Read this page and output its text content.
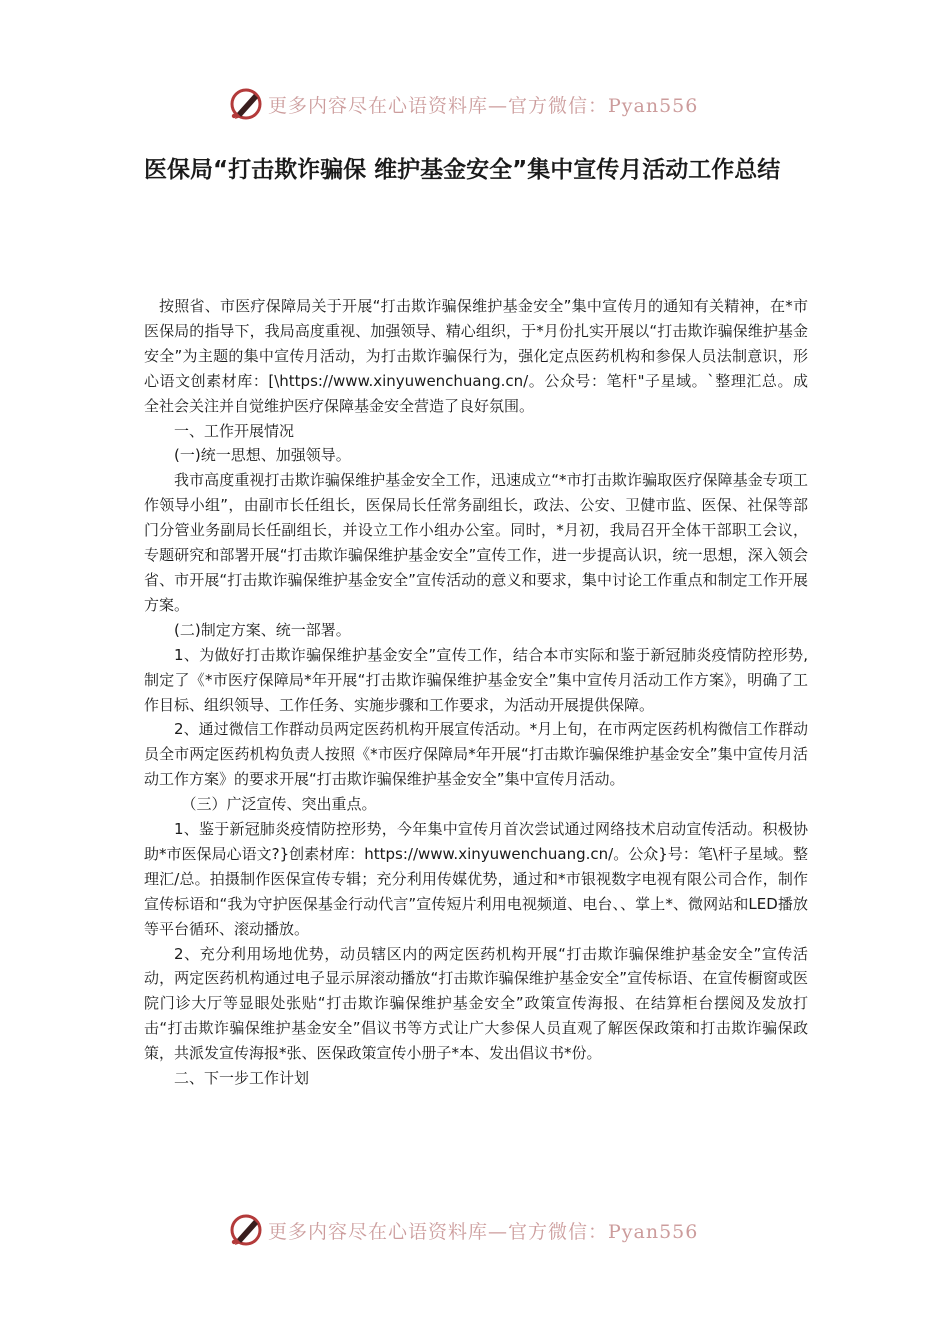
更多内容尽在心语资料库—官方微信：Pyan556
医保局“打击欺诈骗保 维护基金安全”集中宣传月活动工作总结

按照省、市医疗保障局关于开展“打击欺诈骗保维护基金安全”集中宣传月的通知有关精神，在*市医保局的指导下，我局高度重视、加强领导、精心组织，于*月份扎实开展以“打击欺诈骗保维护基金安全”为主题的集中宣传月活动，为打击欺诈骗保行为，强化定点医药机构和参保人员法制意识，形心语文创素材库：[\https://www.xinyuwenchuang.cn/。公众号：笔杆"子星域。`整理汇总。成全社会关注并自觉维护医疗保障基金安全营造了良好氛围。

一、工作开展情况

(一)统一思想、加强领导。

我市高度重视打击欺诈骗保维护基金安全工作，迅速成立“*市打击欺诈骗取医疗保障基金专项工作领导小组”，由副市长任组长，医保局长任常务副组长，政法、公安、卫健市监、医保、社保等部门分管业务副局长任副组长，并设立工作小组办公室。同时，*月初，我局召开全体干部职工会议，专题研究和部署开展“打击欺诈骗保维护基金安全”宣传工作，进一步提高认识，统一思想，深入领会省、市开展“打击欺诈骗保维护基金安全”宣传活动的意义和要求，集中讨论工作重点和制定工作开展方案。

(二)制定方案、统一部署。

1、为做好打击欺诈骗保维护基金安全”宣传工作，结合本市实际和鉴于新冠肺炎疫情防控形势,制定了《*市医疗保障局*年开展“打击欺诈骗保维护基金安全”集中宣传月活动工作方案》，明确了工作目标、组织领导、工作任务、实施步骤和工作要求，为活动开展提供保障。

2、通过微信工作群动员两定医药机构开展宣传活动。*月上旬，在市两定医药机构微信工作群动员全市两定医药机构负责人按照《*市医疗保障局*年开展“打击欺诈骗保维护基金安全”集中宣传月活动工作方案》的要求开展“打击欺诈骗保维护基金安全”集中宣传月活动。

（三）广泛宣传、突出重点。

1、鉴于新冠肺炎疫情防控形势，今年集中宣传月首次尝试通过网络技术启动宣传活动。积极协助*市医保局心语文?}创素材库：https://www.xinyuwenchuang.cn/。公众}号：笔\杆子星域。整理汇/总。拍摄制作医保宣传专辑；充分利用传媒优势，通过和*市银视数字电视有限公司合作，制作宣传标语和“我为守护医保基金行动代言”宣传短片利用电视频道、电台、、掌上*、微网站和LED播放等平台循环、滚动播放。

2、充分利用场地优势，动员辖区内的两定医药机构开展“打击欺诈骗保维护基金安全”宣传活动，两定医药机构通过电子显示屏滚动播放“打击欺诈骗保维护基金安全”宣传标语、在宣传橱窗或医院门诊大厅等显眼处张贴“打击欺诈骗保维护基金安全”政策宣传海报、在结算柜台摆阅及发放打击“打击欺诈骗保维护基金安全”倡议书等方式让广大参保人员直观了解医保政策和打击欺诈骗保政策，共派发宣传海报*张、医保政策宣传小册子*本、发出倡议书*份。

二、下一步工作计划

更多内容尽在心语资料库—官方微信：Pyan556
